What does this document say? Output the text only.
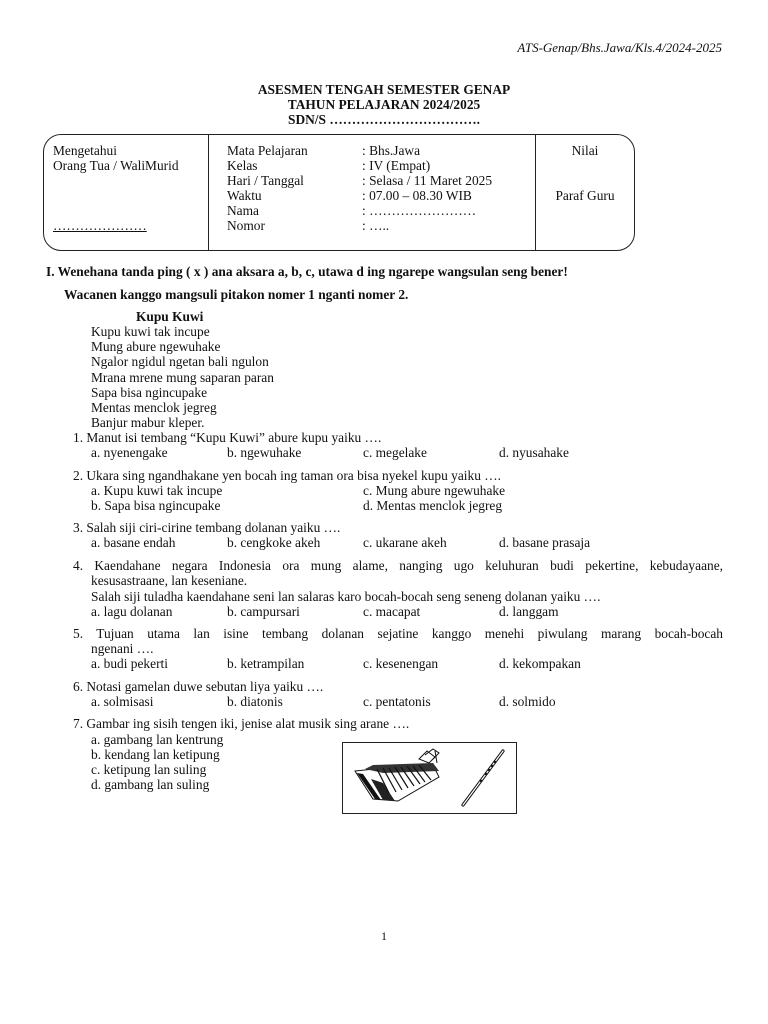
ATS-Genap/Bhs.Jawa/Kls.4/2024-2025
ASESMEN TENGAH SEMESTER GENAP
TAHUN PELAJARAN 2024/2025
SDN/S …………………………….
Mengetahui
Orang Tua / WaliMurid
…………………
Mata Pelajaran	: Bhs.Jawa
Kelas	: IV (Empat)
Hari / Tanggal	: Selasa / 11 Maret 2025
Waktu	: 07.00 – 08.30 WIB
Nama	: ……………………
Nomor	: …..
Nilai
Paraf Guru
I. Wenehana tanda ping ( x ) ana aksara a, b, c, utawa d ing ngarepe wangsulan seng bener!
Wacanen kanggo mangsuli pitakon nomer 1 nganti nomer 2.
Kupu Kuwi
Kupu kuwi tak incupe
Mung abure ngewuhake
Ngalor ngidul ngetan bali ngulon
Mrana mrene mung saparan paran
Sapa bisa ngincupake
Mentas menclok jegreg
Banjur mabur kleper.
1. Manut isi tembang “Kupu Kuwi” abure kupu yaiku ….
a. nyenengake	b. ngewuhake	c. megelake	d. nyusahake
2. Ukara sing ngandhakane yen bocah ing taman ora bisa nyekel kupu yaiku ….
a. Kupu kuwi tak incupe
b. Sapa bisa ngincupake
c. Mung abure ngewuhake
d. Mentas menclok jegreg
3. Salah siji ciri-cirine tembang dolanan yaiku ….
a. basane endah	b. cengkoke akeh	c. ukarane akeh	d. basane prasaja
4. Kaendahane negara Indonesia ora mung alame, nanging ugo keluhuran budi pekertine, kebudayaane,
kesusastraane, lan keseniane.
Salah siji tuladha kaendahane seni lan salaras karo bocah-bocah seng seneng dolanan yaiku ….
a. lagu dolanan	b. campursari	c. macapat	d. langgam
5. Tujuan utama lan isine tembang dolanan sejatine kanggo menehi piwulang marang bocah-bocah
ngenani ….
a. budi pekerti	b. ketrampilan	c. kesenengan	d. kekompakan
6. Notasi gamelan duwe sebutan liya yaiku ….
a. solmisasi	b. diatonis	c. pentatonis	d. solmido
7. Gambar ing sisih tengen iki, jenise alat musik sing arane ….
a. gambang lan kentrung
b. kendang lan ketipung
c. ketipung lan suling
d. gambang lan suling
1
